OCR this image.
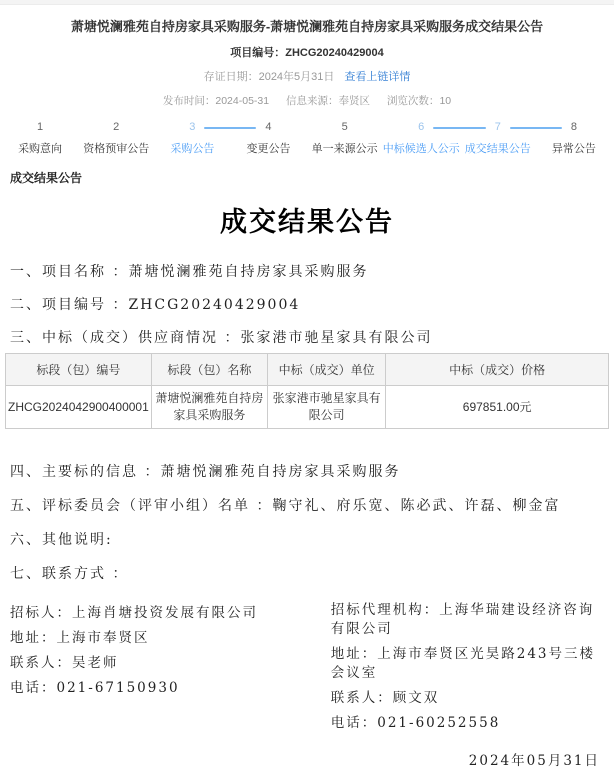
萧塘悦澜雅苑自持房家具采购服务-萧塘悦澜雅苑自持房家具采购服务成交结果公告
项目编号：ZHCG20240429004
存证日期：2024年5月31日 查看上链详情
发布时间：2024-05-31 信息来源：奉贤区 浏览次数：10
1
采购意向
2
资格预审公告
3
采购公告
4
变更公告
5
单一来源公示
6
中标候选人公示
7
成交结果公告
8
异常公告
成交结果公告
成交结果公告
一、项目名称 ：萧塘悦澜雅苑自持房家具采购服务
二、项目编号 ：ZHCG20240429004
三、中标（成交）供应商情况 ：张家港市驰星家具有限公司
标段（包）编号	标段（包）名称	中标（成交）单位	中标（成交）价格
ZHCG2024042900400001	萧塘悦澜雅苑自持房家具采购服务	张家港市驰星家具有限公司	697851.00元
四、主要标的信息 ：萧塘悦澜雅苑自持房家具采购服务
五、评标委员会（评审小组）名单 ：鞠守礼、府乐宽、陈必武、许磊、柳金富
六、其他说明:
七、联系方式 ：
招标人：上海肖塘投资发展有限公司
地址：上海市奉贤区
联系人：吴老师
电话：021-67150930
招标代理机构：上海华瑞建设经济咨询有限公司
地址：上海市奉贤区光昊路243号三楼会议室
联系人：顾文双
电话：021-60252558
2024年05月31日
